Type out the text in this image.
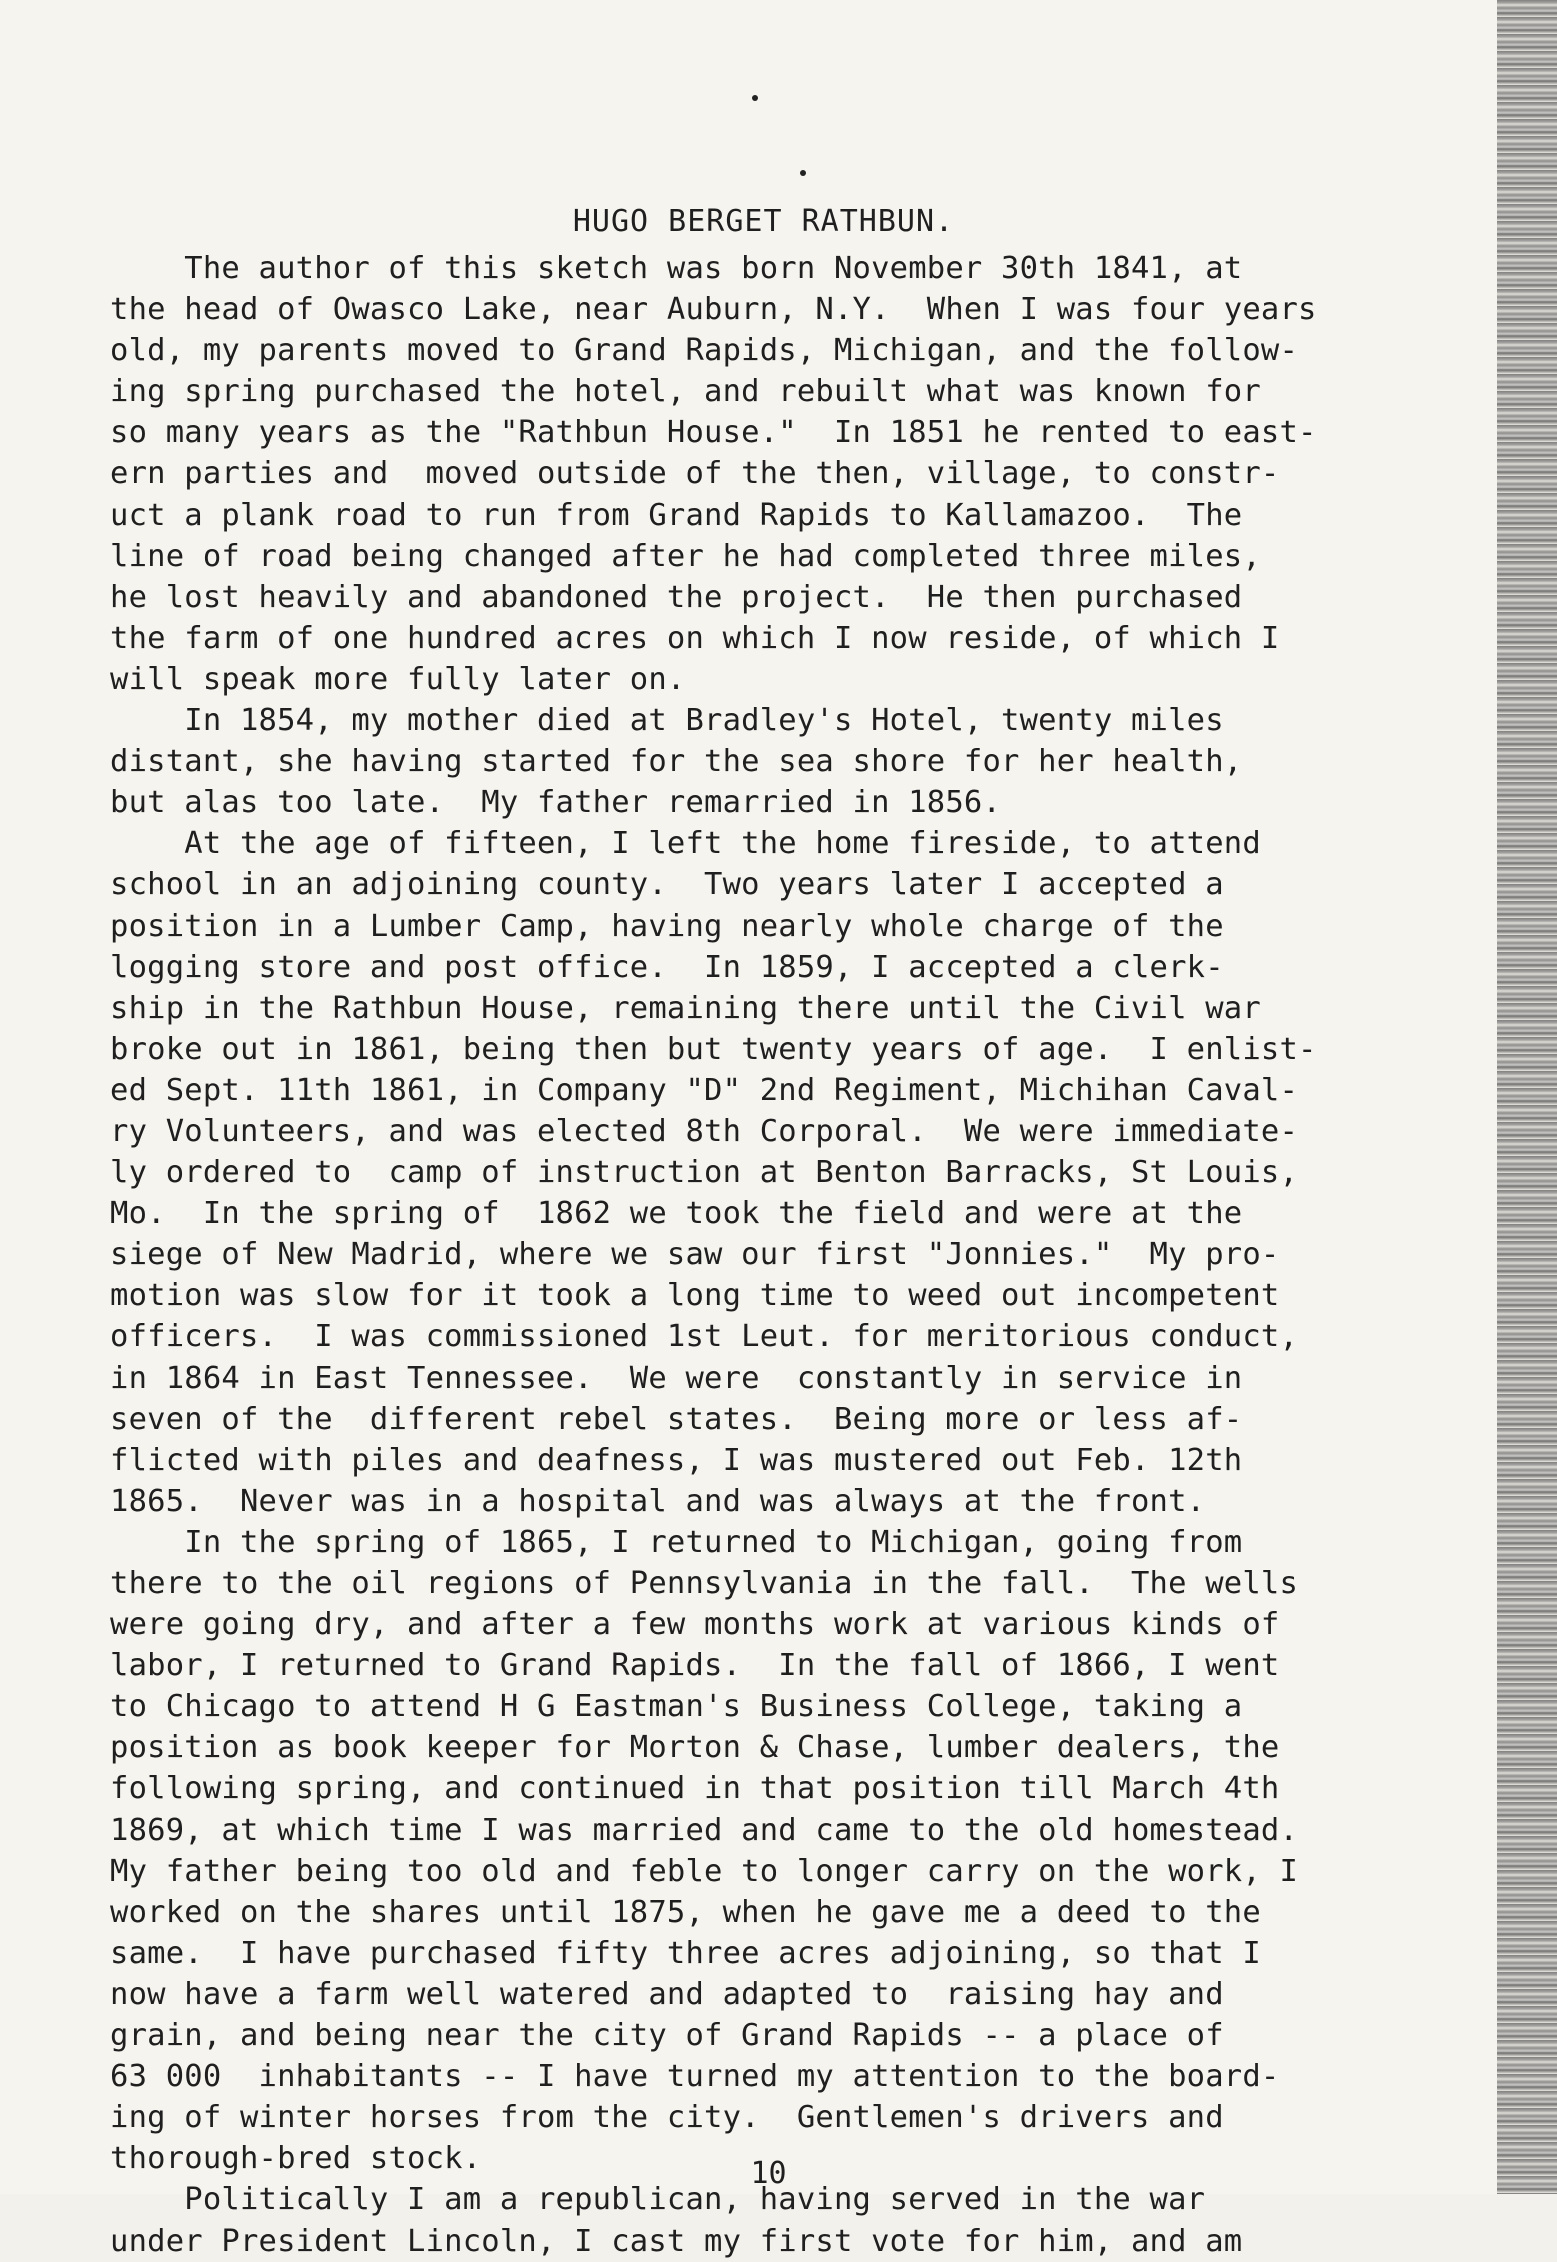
HUGO BERGET RATHBUN.
The author of this sketch was born November 30th 1841, at
the head of Owasco Lake, near Auburn, N.Y.  When I was four years
old, my parents moved to Grand Rapids, Michigan, and the follow-
ing spring purchased the hotel, and rebuilt what was known for
so many years as the "Rathbun House."  In 1851 he rented to east-
ern parties and  moved outside of the then, village, to constr-
uct a plank road to run from Grand Rapids to Kallamazoo.  The
line of road being changed after he had completed three miles,
he lost heavily and abandoned the project.  He then purchased
the farm of one hundred acres on which I now reside, of which I
will speak more fully later on.
In 1854, my mother died at Bradley's Hotel, twenty miles
distant, she having started for the sea shore for her health,
but alas too late.  My father remarried in 1856.
At the age of fifteen, I left the home fireside, to attend
school in an adjoining county.  Two years later I accepted a
position in a Lumber Camp, having nearly whole charge of the
logging store and post office.  In 1859, I accepted a clerk-
ship in the Rathbun House, remaining there until the Civil war
broke out in 1861, being then but twenty years of age.  I enlist-
ed Sept. 11th 1861, in Company "D" 2nd Regiment, Michihan Caval-
ry Volunteers, and was elected 8th Corporal.  We were immediate-
ly ordered to  camp of instruction at Benton Barracks, St Louis,
Mo.  In the spring of  1862 we took the field and were at the
siege of New Madrid, where we saw our first "Jonnies."  My pro-
motion was slow for it took a long time to weed out incompetent
officers.  I was commissioned 1st Leut. for meritorious conduct,
in 1864 in East Tennessee.  We were  constantly in service in
seven of the  different rebel states.  Being more or less af-
flicted with piles and deafness, I was mustered out Feb. 12th
1865.  Never was in a hospital and was always at the front.
In the spring of 1865, I returned to Michigan, going from
there to the oil regions of Pennsylvania in the fall.  The wells
were going dry, and after a few months work at various kinds of
labor, I returned to Grand Rapids.  In the fall of 1866, I went
to Chicago to attend H G Eastman's Business College, taking a
position as book keeper for Morton & Chase, lumber dealers, the
following spring, and continued in that position till March 4th
1869, at which time I was married and came to the old homestead.
My father being too old and feble to longer carry on the work, I
worked on the shares until 1875, when he gave me a deed to the
same.  I have purchased fifty three acres adjoining, so that I
now have a farm well watered and adapted to  raising hay and
grain, and being near the city of Grand Rapids -- a place of
63 000  inhabitants -- I have turned my attention to the board-
ing of winter horses from the city.  Gentlemen's drivers and
thorough-bred stock.
Politically I am a republican, having served in the war
under President Lincoln, I cast my first vote for him, and am
10
